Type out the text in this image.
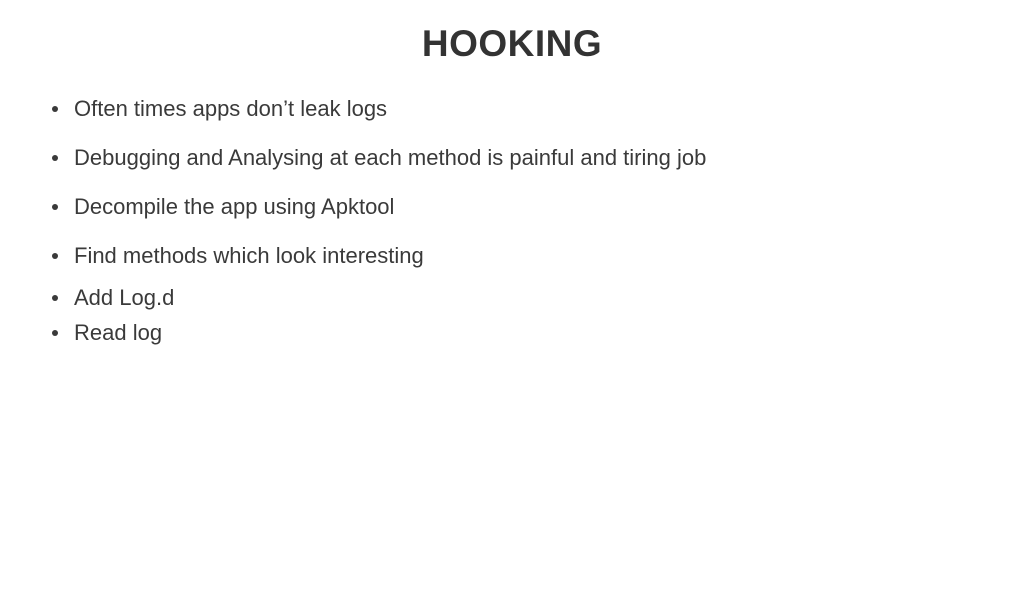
HOOKING
Often times apps don’t leak logs
Debugging and Analysing at each method is painful and tiring job
Decompile the app using Apktool
Find methods which look interesting
Add Log.d
Read log
